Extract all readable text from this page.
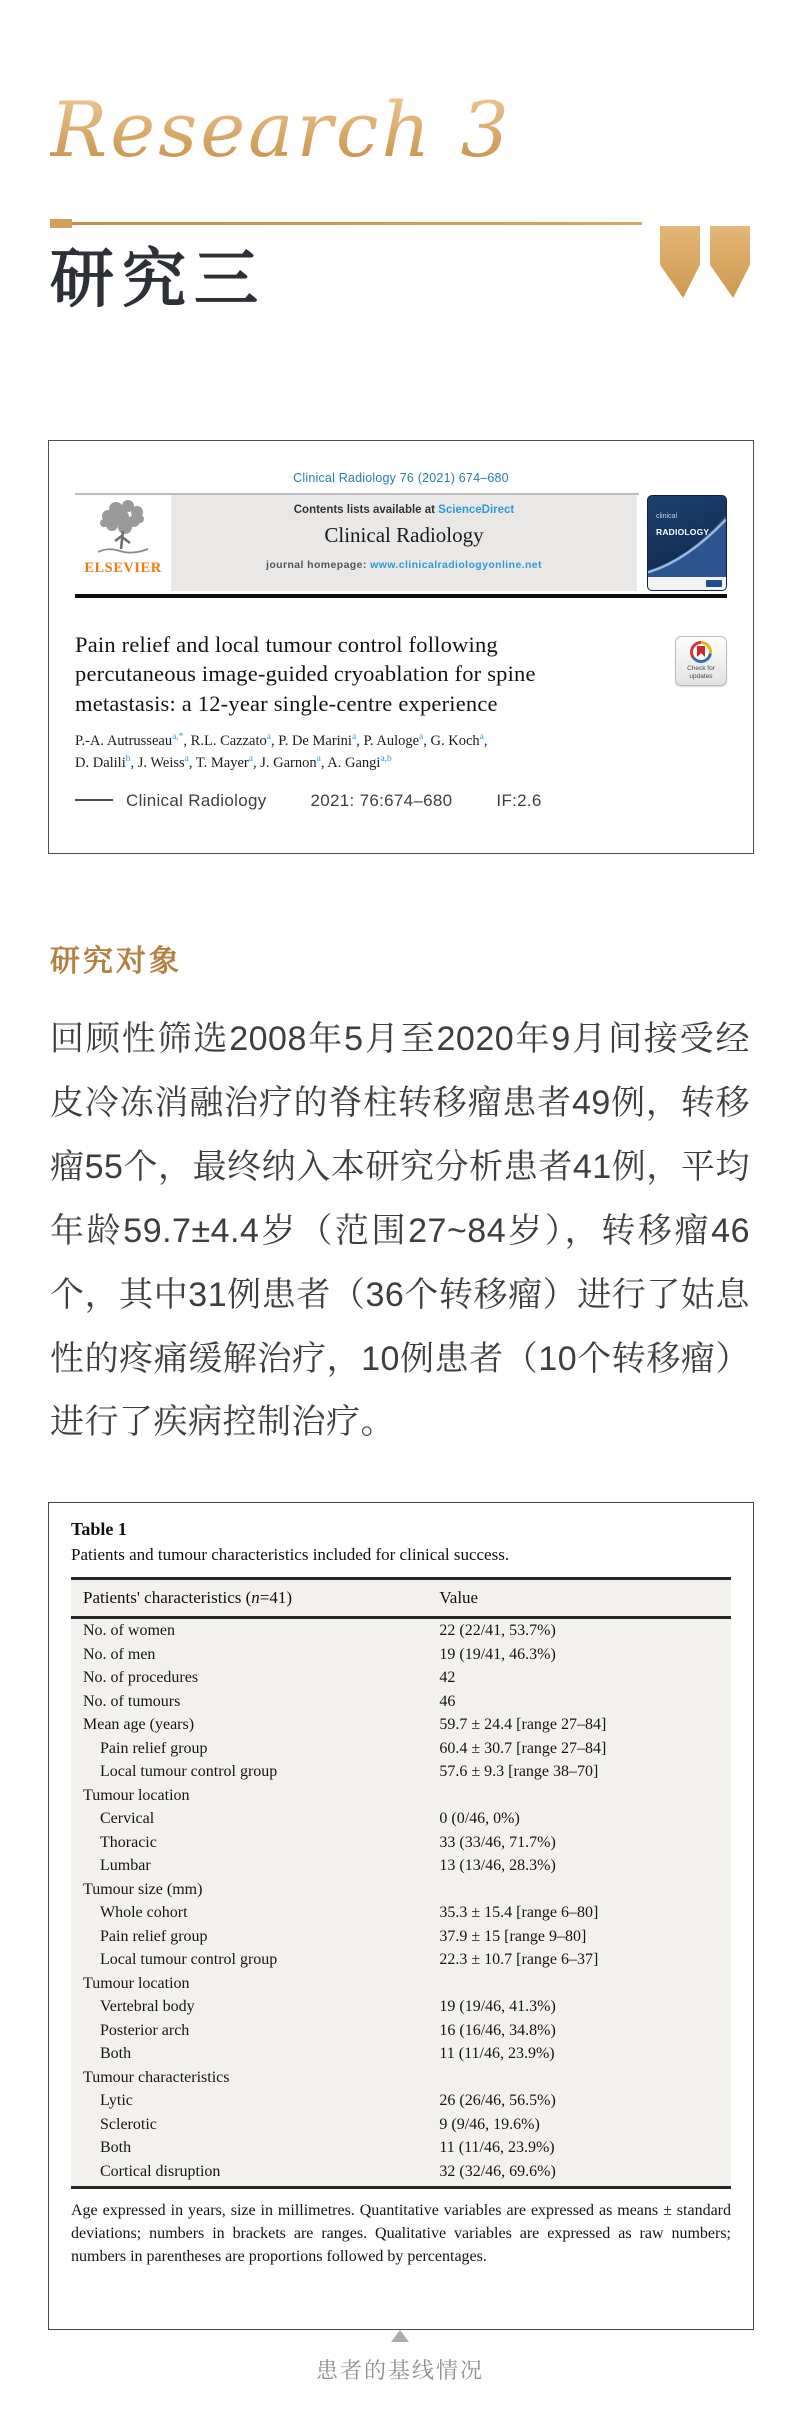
Research 3
研究三
Clinical Radiology 76 (2021) 674–680
ELSEVIER
Contents lists available at ScienceDirect
Clinical Radiology
journal homepage: www.clinicalradiologyonline.net
clinical
RADIOLOGY
Pain relief and local tumour control following percutaneous image-guided cryoablation for spine metastasis: a 12-year single-centre experience
Check for
updates
P.-A. Autrusseau$^{a,*}$, R.L. Cazzato$^a$, P. De Marini$^a$, P. Auloge$^a$, G. Koch$^a$,
D. Dalili$^b$, J. Weiss$^a$, T. Mayer$^a$, J. Garnon$^a$, A. Gangi$^{a,b}$
Clinical Radiology	2021: 76:674–680	IF:2.6
研究对象
回顾性筛选2008年5月至2020年9月间接受经皮冷冻消融治疗的脊柱转移瘤患者49例，转移瘤55个，最终纳入本研究分析患者41例，平均年龄59.7±4.4岁（范围27~84岁），转移瘤46个，其中31例患者（36个转移瘤）进行了姑息性的疼痛缓解治疗，10例患者（10个转移瘤）进行了疾病控制治疗。
Table 1
Patients and tumour characteristics included for clinical success.
Patients' characteristics (n=41)	Value
No. of women	22 (22/41, 53.7%)
No. of men	19 (19/41, 46.3%)
No. of procedures	42
No. of tumours	46
Mean age (years)	59.7 ± 24.4 [range 27–84]
Pain relief group	60.4 ± 30.7 [range 27–84]
Local tumour control group	57.6 ± 9.3 [range 38–70]
Tumour location
Cervical	0 (0/46, 0%)
Thoracic	33 (33/46, 71.7%)
Lumbar	13 (13/46, 28.3%)
Tumour size (mm)
Whole cohort	35.3 ± 15.4 [range 6–80]
Pain relief group	37.9 ± 15 [range 9–80]
Local tumour control group	22.3 ± 10.7 [range 6–37]
Tumour location
Vertebral body	19 (19/46, 41.3%)
Posterior arch	16 (16/46, 34.8%)
Both	11 (11/46, 23.9%)
Tumour characteristics
Lytic	26 (26/46, 56.5%)
Sclerotic	9 (9/46, 19.6%)
Both	11 (11/46, 23.9%)
Cortical disruption	32 (32/46, 69.6%)
Age expressed in years, size in millimetres. Quantitative variables are expressed as means ± standard deviations; numbers in brackets are ranges. Qualitative variables are expressed as raw numbers; numbers in parentheses are proportions followed by percentages.
患者的基线情况
